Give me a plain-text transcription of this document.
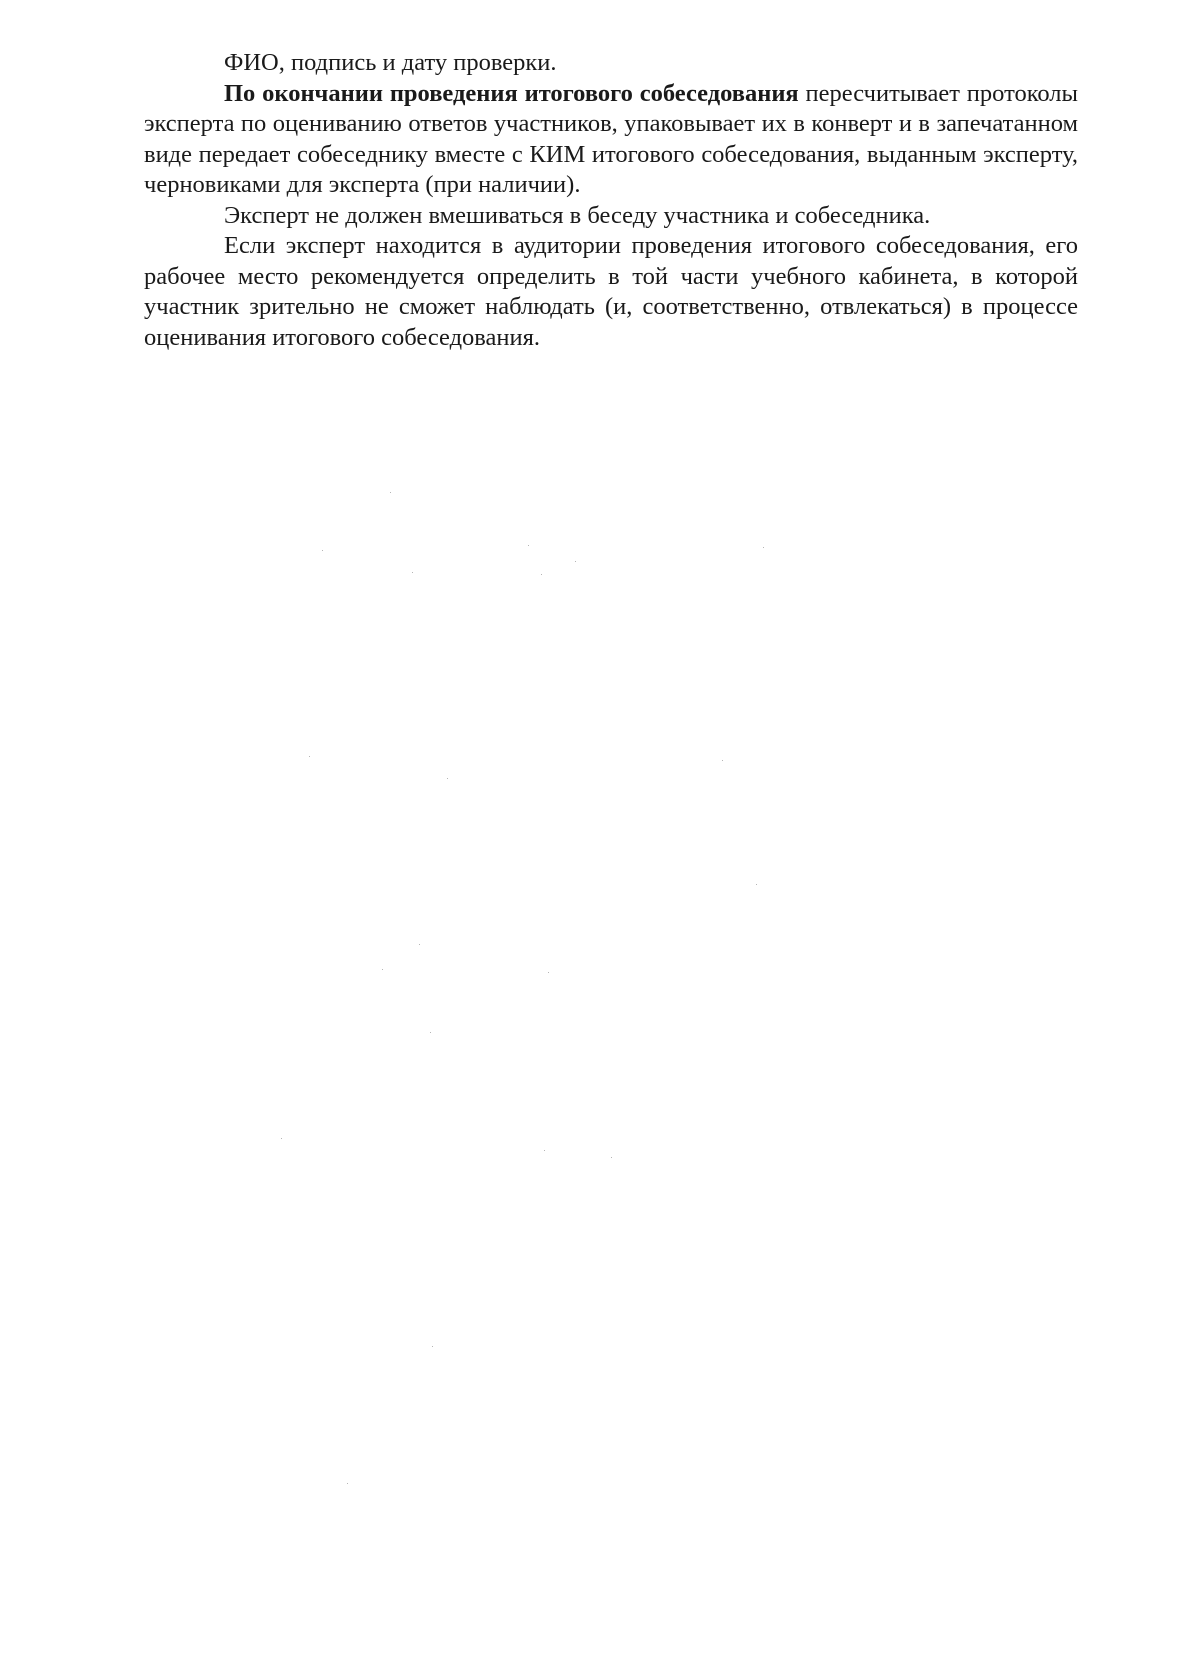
ФИО, подпись и дату проверки.

По окончании проведения итогового собеседования пересчитывает протоколы эксперта по оцениванию ответов участников, упаковывает их в конверт и в запечатанном виде передает собеседнику вместе с КИМ итогового собеседования, выданным эксперту, черновиками для эксперта (при наличии).

Эксперт не должен вмешиваться в беседу участника и собеседника.

Если эксперт находится в аудитории проведения итогового собеседования, его рабочее место рекомендуется определить в той части учебного кабинета, в которой участник зрительно не сможет наблюдать (и, соответственно, отвлекаться) в процессе оценивания итогового собеседования.
